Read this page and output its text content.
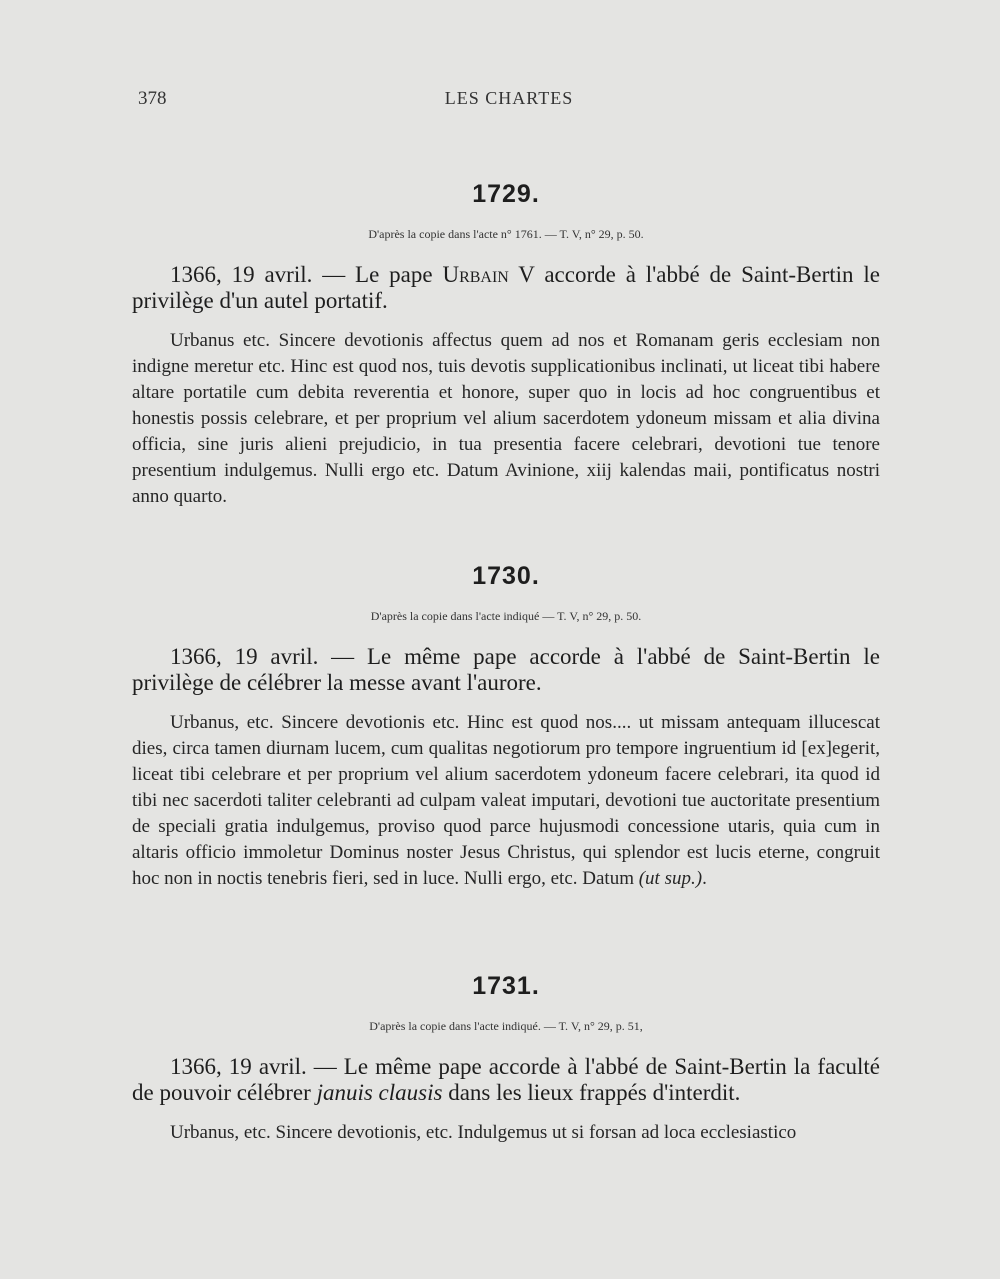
378	LES CHARTES
1729.
D'après la copie dans l'acte n° 1761. — T. V, n° 29, p. 50.
1366, 19 avril. — Le pape Urbain V accorde à l'abbé de Saint-Bertin le privilège d'un autel portatif.
Urbanus etc. Sincere devotionis affectus quem ad nos et Romanam geris ecclesiam non indigne meretur etc. Hinc est quod nos, tuis devotis supplicationibus inclinati, ut liceat tibi habere altare portatile cum debita reverentia et honore, super quo in locis ad hoc congruentibus et honestis possis celebrare, et per proprium vel alium sacerdotem ydoneum missam et alia divina officia, sine juris alieni prejudicio, in tua presentia facere celebrari, devotioni tue tenore presentium indulgemus. Nulli ergo etc. Datum Avinione, xiij kalendas maii, pontificatus nostri anno quarto.
1730.
D'après la copie dans l'acte indiqué — T. V, n° 29, p. 50.
1366, 19 avril. — Le même pape accorde à l'abbé de Saint-Bertin le privilège de célébrer la messe avant l'aurore.
Urbanus, etc. Sincere devotionis etc. Hinc est quod nos.... ut missam antequam illucescat dies, circa tamen diurnam lucem, cum qualitas negotiorum pro tempore ingruentium id [ex]egerit, liceat tibi celebrare et per proprium vel alium sacerdotem ydoneum facere celebrari, ita quod id tibi nec sacerdoti taliter celebranti ad culpam valeat imputari, devotioni tue auctoritate presentium de speciali gratia indulgemus, proviso quod parce hujusmodi concessione utaris, quia cum in altaris officio immoletur Dominus noster Jesus Christus, qui splendor est lucis eterne, congruit hoc non in noctis tenebris fieri, sed in luce. Nulli ergo, etc. Datum (ut sup.).
1731.
D'après la copie dans l'acte indiqué. — T. V, n° 29, p. 51,
1366, 19 avril. — Le même pape accorde à l'abbé de Saint-Bertin la faculté de pouvoir célébrer januis clausis dans les lieux frappés d'interdit.
Urbanus, etc. Sincere devotionis, etc. Indulgemus ut si forsan ad loca ecclesiastico
